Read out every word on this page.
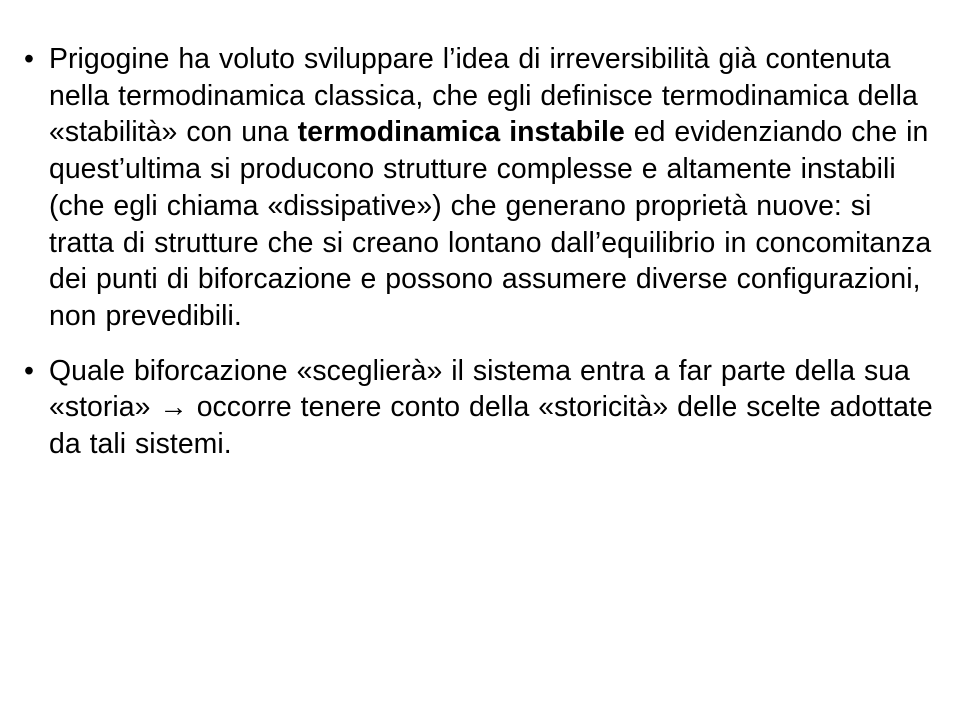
• Prigogine ha voluto sviluppare l’idea di irreversibilità già contenuta nella termodinamica classica, che egli definisce termodinamica della «stabilità» con una termodinamica instabile ed evidenziando che in quest’ultima si producono strutture complesse e altamente instabili (che egli chiama «dissipative») che generano proprietà nuove: si tratta di strutture che si creano lontano dall’equilibrio in concomitanza dei punti di biforcazione e possono assumere diverse configurazioni, non prevedibili.
• Quale biforcazione «sceglierà» il sistema entra a far parte della sua «storia» → occorre tenere conto della «storicità» delle scelte adottate da tali sistemi.
